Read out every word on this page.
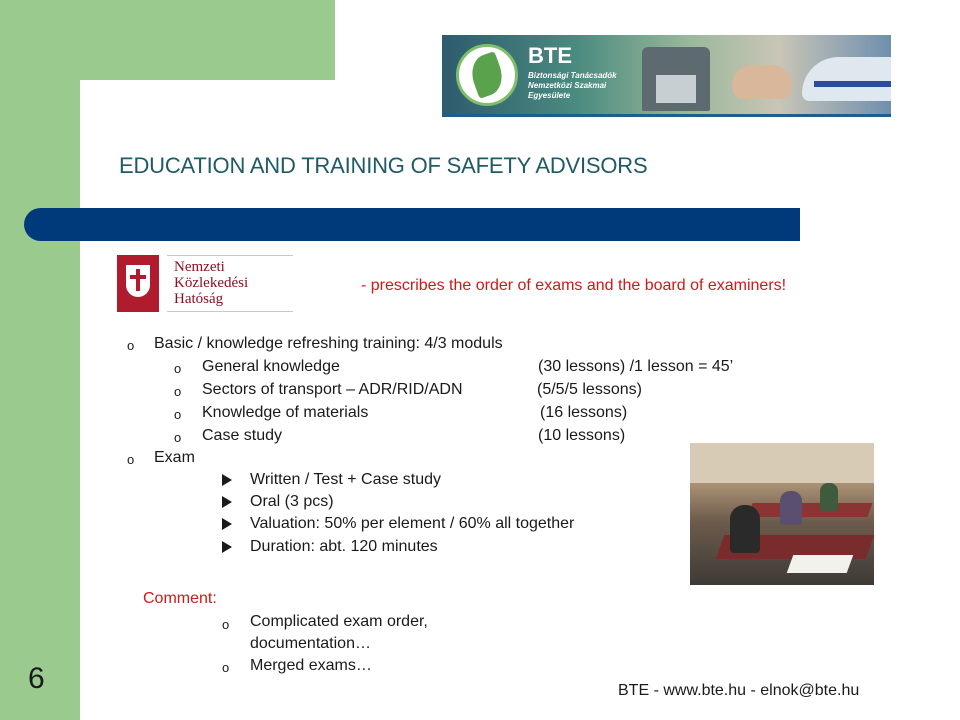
6
BTE
Biztonsági Tanácsadók
Nemzetközi Szakmai
Egyesülete
EDUCATION AND TRAINING OF SAFETY ADVISORS
Nemzeti
Közlekedési
Hatóság
- prescribes the order of exams and the board of examiners!
o Basic / knowledge refreshing training: 4/3 moduls
o General knowledge	(30 lessons) /1 lesson = 45’
o Sectors of transport – ADR/RID/ADN	(5/5/5 lessons)
o Knowledge of materials	(16 lessons)
o Case study	(10 lessons)
o Exam
Written / Test + Case study
Oral (3 pcs)
Valuation: 50% per element / 60% all together
Duration: abt. 120 minutes
Comment:
o Complicated exam order,
documentation…
o Merged exams…
BTE - www.bte.hu - elnok@bte.hu
